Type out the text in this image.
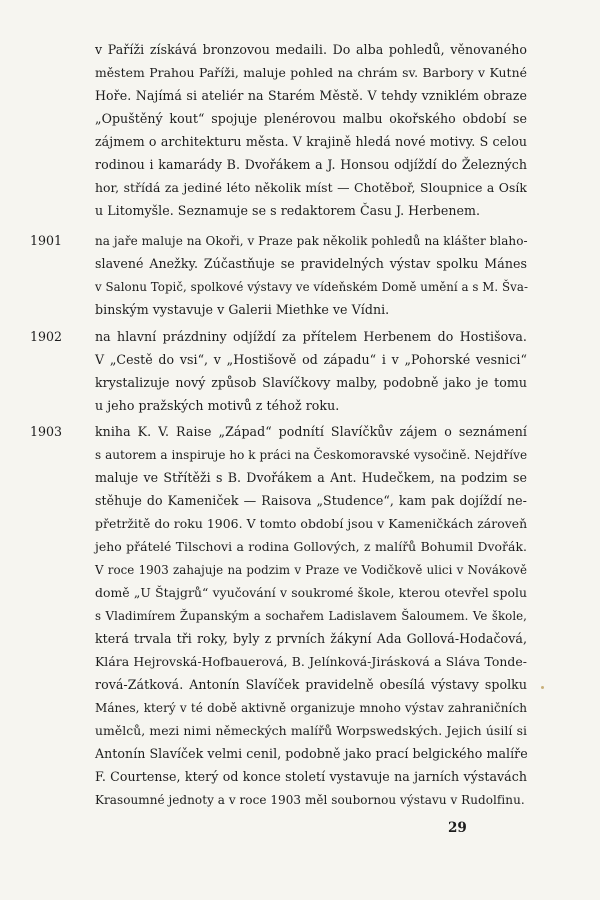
v Paříži získává bronzovou medaili. Do alba pohledů, věnovaného

městem Prahou Paříži, maluje pohled na chrám sv. Barbory v Kutné

Hoře. Najímá si ateliér na Starém Městě. V tehdy vzniklém obraze

„Opuštěný kout“ spojuje plenérovou malbu okořského období se

zájmem o architekturu města. V krajině hledá nové motivy. S celou

rodinou i kamarády B. Dvořákem a J. Honsou odjíždí do Železných

hor, střídá za jediné léto několik míst — Chotěboř, Sloupnice a Osík

u Litomyšle. Seznamuje se s redaktorem Času J. Herbenem.

1901	na jaře maluje na Okoři, v Praze pak několik pohledů na klášter blaho-

slavené Anežky. Zúčastňuje se pravidelných výstav spolku Mánes

v Salonu Topič, spolkové výstavy ve vídeňském Domě umění a s M. Šva-

binským vystavuje v Galerii Miethke ve Vídni.

1902	na hlavní prázdniny odjíždí za přítelem Herbenem do Hostišova.

V „Cestě do vsi“, v „Hostišově od západu“ i v „Pohorské vesnici“

krystalizuje nový způsob Slavíčkovy malby, podobně jako je tomu

u jeho pražských motivů z téhož roku.

1903	kniha K. V. Raise „Západ“ podnítí Slavíčkův zájem o seznámení

s autorem a inspiruje ho k práci na Českomoravské vysočině. Nejdříve

maluje ve Střítěži s B. Dvořákem a Ant. Hudečkem, na podzim se

stěhuje do Kameniček — Raisova „Studence“, kam pak dojíždí ne-

přetržitě do roku 1906. V tomto období jsou v Kameničkách zároveň

jeho přátelé Tilschovi a rodina Gollových, z malířů Bohumil Dvořák.

V roce 1903 zahajuje na podzim v Praze ve Vodičkově ulici v Novákově

domě „U Štajgrů“ vyučování v soukromé škole, kterou otevřel spolu

s Vladimírem Županským a sochařem Ladislavem Šaloumem. Ve škole,

která trvala tři roky, byly z prvních žákyní Ada Gollová-Hodačová,

Klára Hejrovská-Hofbauerová, B. Jelínková-Jirásková a Sláva Tonde-

rová-Zátková. Antonín Slavíček pravidelně obesílá výstavy spolku

Mánes, který v té době aktivně organizuje mnoho výstav zahraničních

umělců, mezi nimi německých malířů Worpswedských. Jejich úsilí si

Antonín Slavíček velmi cenil, podobně jako prací belgického malíře

F. Courtense, který od konce století vystavuje na jarních výstavách

Krasoumné jednoty a v roce 1903 měl soubornou výstavu v Rudolfinu.

29
